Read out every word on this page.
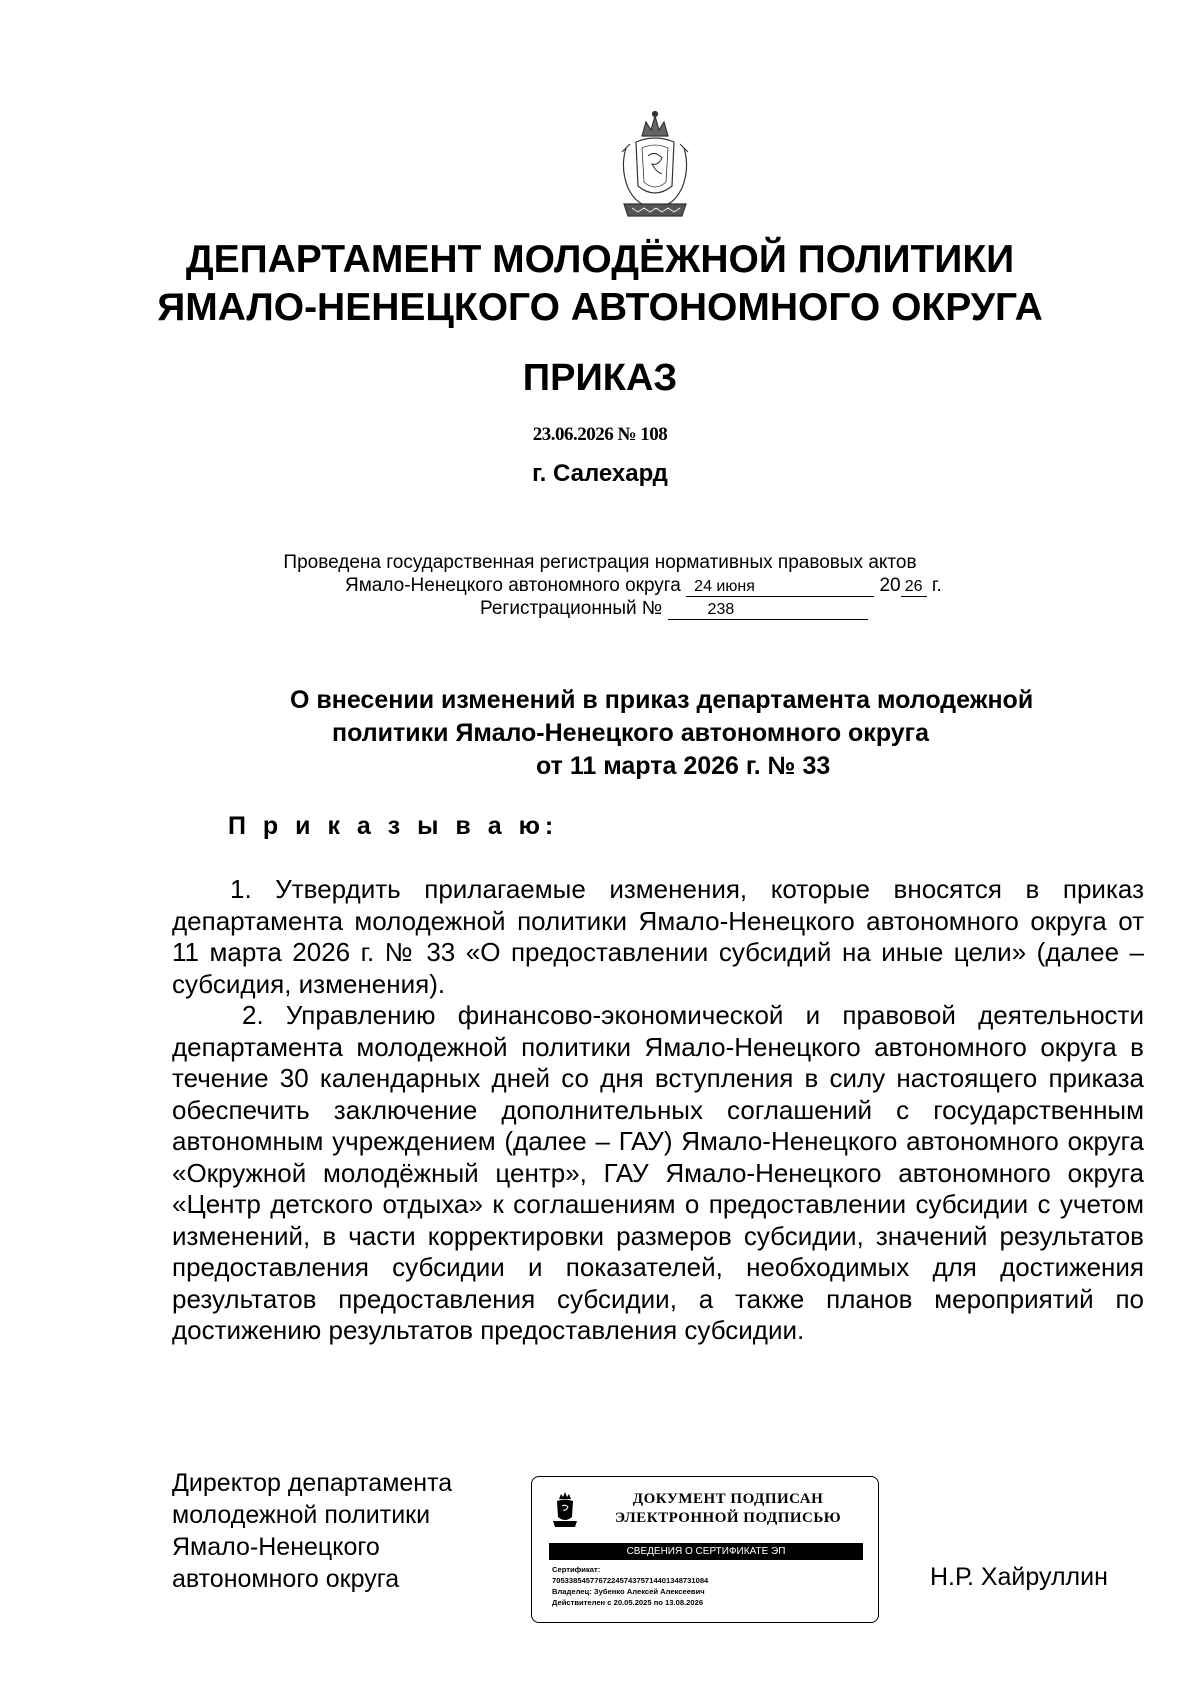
ДЕПАРТАМЕНТ МОЛОДЁЖНОЙ ПОЛИТИКИ
ЯМАЛО-НЕНЕЦКОГО АВТОНОМНОГО ОКРУГА
ПРИКАЗ
23.06.2026 № 108
г. Салехард
Проведена государственная регистрация нормативных правовых актов
Ямало-Ненецкого автономного округа 24 июня	20 26 г.
Регистрационный №	238
О внесении изменений в приказ департамента молодежной
политики Ямало-Ненецкого автономного округа
от 11 марта 2026 г. № 33
П р и к а з ы в а ю:

1. Утвердить прилагаемые изменения, которые вносятся в приказ департамента молодежной политики Ямало-Ненецкого автономного округа от 11 марта 2026 г. № 33 «О предоставлении субсидий на иные цели» (далее – субсидия, изменения).

2. Управлению финансово-экономической и правовой деятельности департамента молодежной политики Ямало-Ненецкого автономного округа в течение 30 календарных дней со дня вступления в силу настоящего приказа обеспечить заключение дополнительных соглашений с государственным автономным учреждением (далее – ГАУ) Ямало-Ненецкого автономного округа «Окружной молодёжный центр», ГАУ Ямало-Ненецкого автономного округа «Центр детского отдыха» к соглашениям о предоставлении субсидии с учетом изменений, в части корректировки размеров субсидии, значений результатов предоставления субсидии и показателей, необходимых для достижения результатов предоставления субсидии, а также планов мероприятий по достижению результатов предоставления субсидии.

Директор департамента
молодежной политики
Ямало-Ненецкого
автономного округа
ДОКУМЕНТ ПОДПИСАН
ЭЛЕКТРОННОЙ ПОДПИСЬЮ
СВЕДЕНИЯ О СЕРТИФИКАТЕ ЭП
Сертификат:
70533854577672245743757144013487310​84
Владелец: Зубенко Алексей Алексеевич
Действителен с 20.05.2025 по 13.08.2026
Н.Р. Хайруллин
